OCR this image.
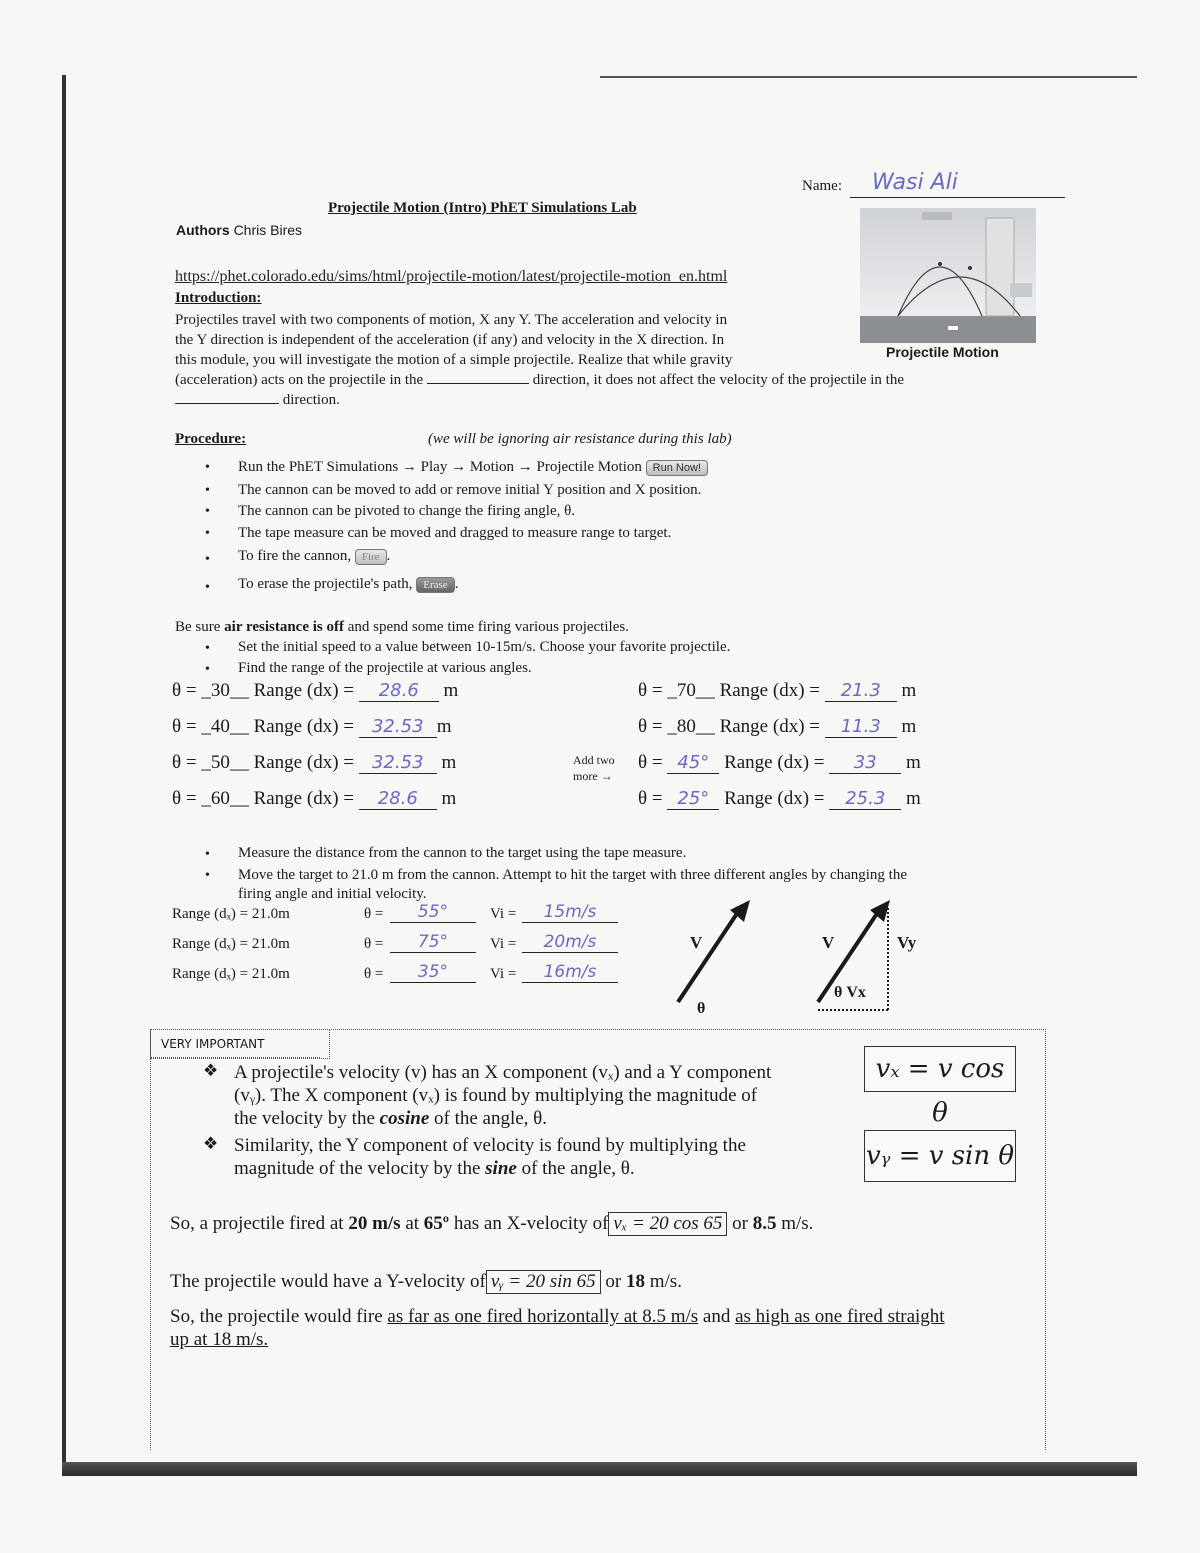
Name:	Wasi Ali
Projectile Motion (Intro) PhET Simulations Lab
Authors Chris Bires
Projectile Motion
https://phet.colorado.edu/sims/html/projectile-motion/latest/projectile-motion_en.html
Introduction:
Projectiles travel with two components of motion, X any Y. The acceleration and velocity in
the Y direction is independent of the acceleration (if any) and velocity in the X direction. In
this module, you will investigate the motion of a simple projectile. Realize that while gravity
(acceleration) acts on the projectile in the	direction, it does not affect the velocity of the projectile in the
direction.
Procedure:	(we will be ignoring air resistance during this lab)
• Run the PhET Simulations → Play → Motion → Projectile Motion Run Now!
• The cannon can be moved to add or remove initial Y position and X position.
• The cannon can be pivoted to change the firing angle, θ.
• The tape measure can be moved and dragged to measure range to target.
• To fire the cannon, Fire .
• To erase the projectile's path, Erase .
Be sure air resistance is off and spend some time firing various projectiles.
• Set the initial speed to a value between 10-15m/s. Choose your favorite projectile.
• Find the range of the projectile at various angles.
θ = _30__ Range (dx) = 28.6 m
θ = _40__ Range (dx) = 32.53 m
θ = _50__ Range (dx) = 32.53 m
θ = _60__ Range (dx) = 28.6 m
Add two
more →
θ = _70__ Range (dx) = 21.3 m
θ = _80__ Range (dx) = 11.3 m
θ = 45° Range (dx) = 33 m
θ = 25° Range (dx) = 25.3 m
• Measure the distance from the cannon to the target using the tape measure.
• Move the target to 21.0 m from the cannon. Attempt to hit the target with three different angles by changing the
firing angle and initial velocity.
Range (dₓ) = 21.0m	θ =	55°	Vi =	15m/s
Range (dₓ) = 21.0m	θ =	75°	Vi =	20m/s
Range (dₓ) = 21.0m	θ =	35°	Vi =	16m/s
V
θ
V	Vy
θ Vx
VERY IMPORTANT
❖ A projectile's velocity (v) has an X component (vₓ) and a Y component
(vᵧ). The X component (vₓ) is found by multiplying the magnitude of
the velocity by the cosine of the angle, θ.
❖ Similarity, the Y component of velocity is found by multiplying the
magnitude of the velocity by the sine of the angle, θ.
vₓ = v cos θ
vᵧ = v sin θ
So, a projectile fired at 20 m/s at 65º has an X-velocity of vₓ = 20 cos 65 or 8.5 m/s.
The projectile would have a Y-velocity of vᵧ = 20 sin 65 or 18 m/s.
So, the projectile would fire as far as one fired horizontally at 8.5 m/s and as high as one fired straight
up at 18 m/s.
